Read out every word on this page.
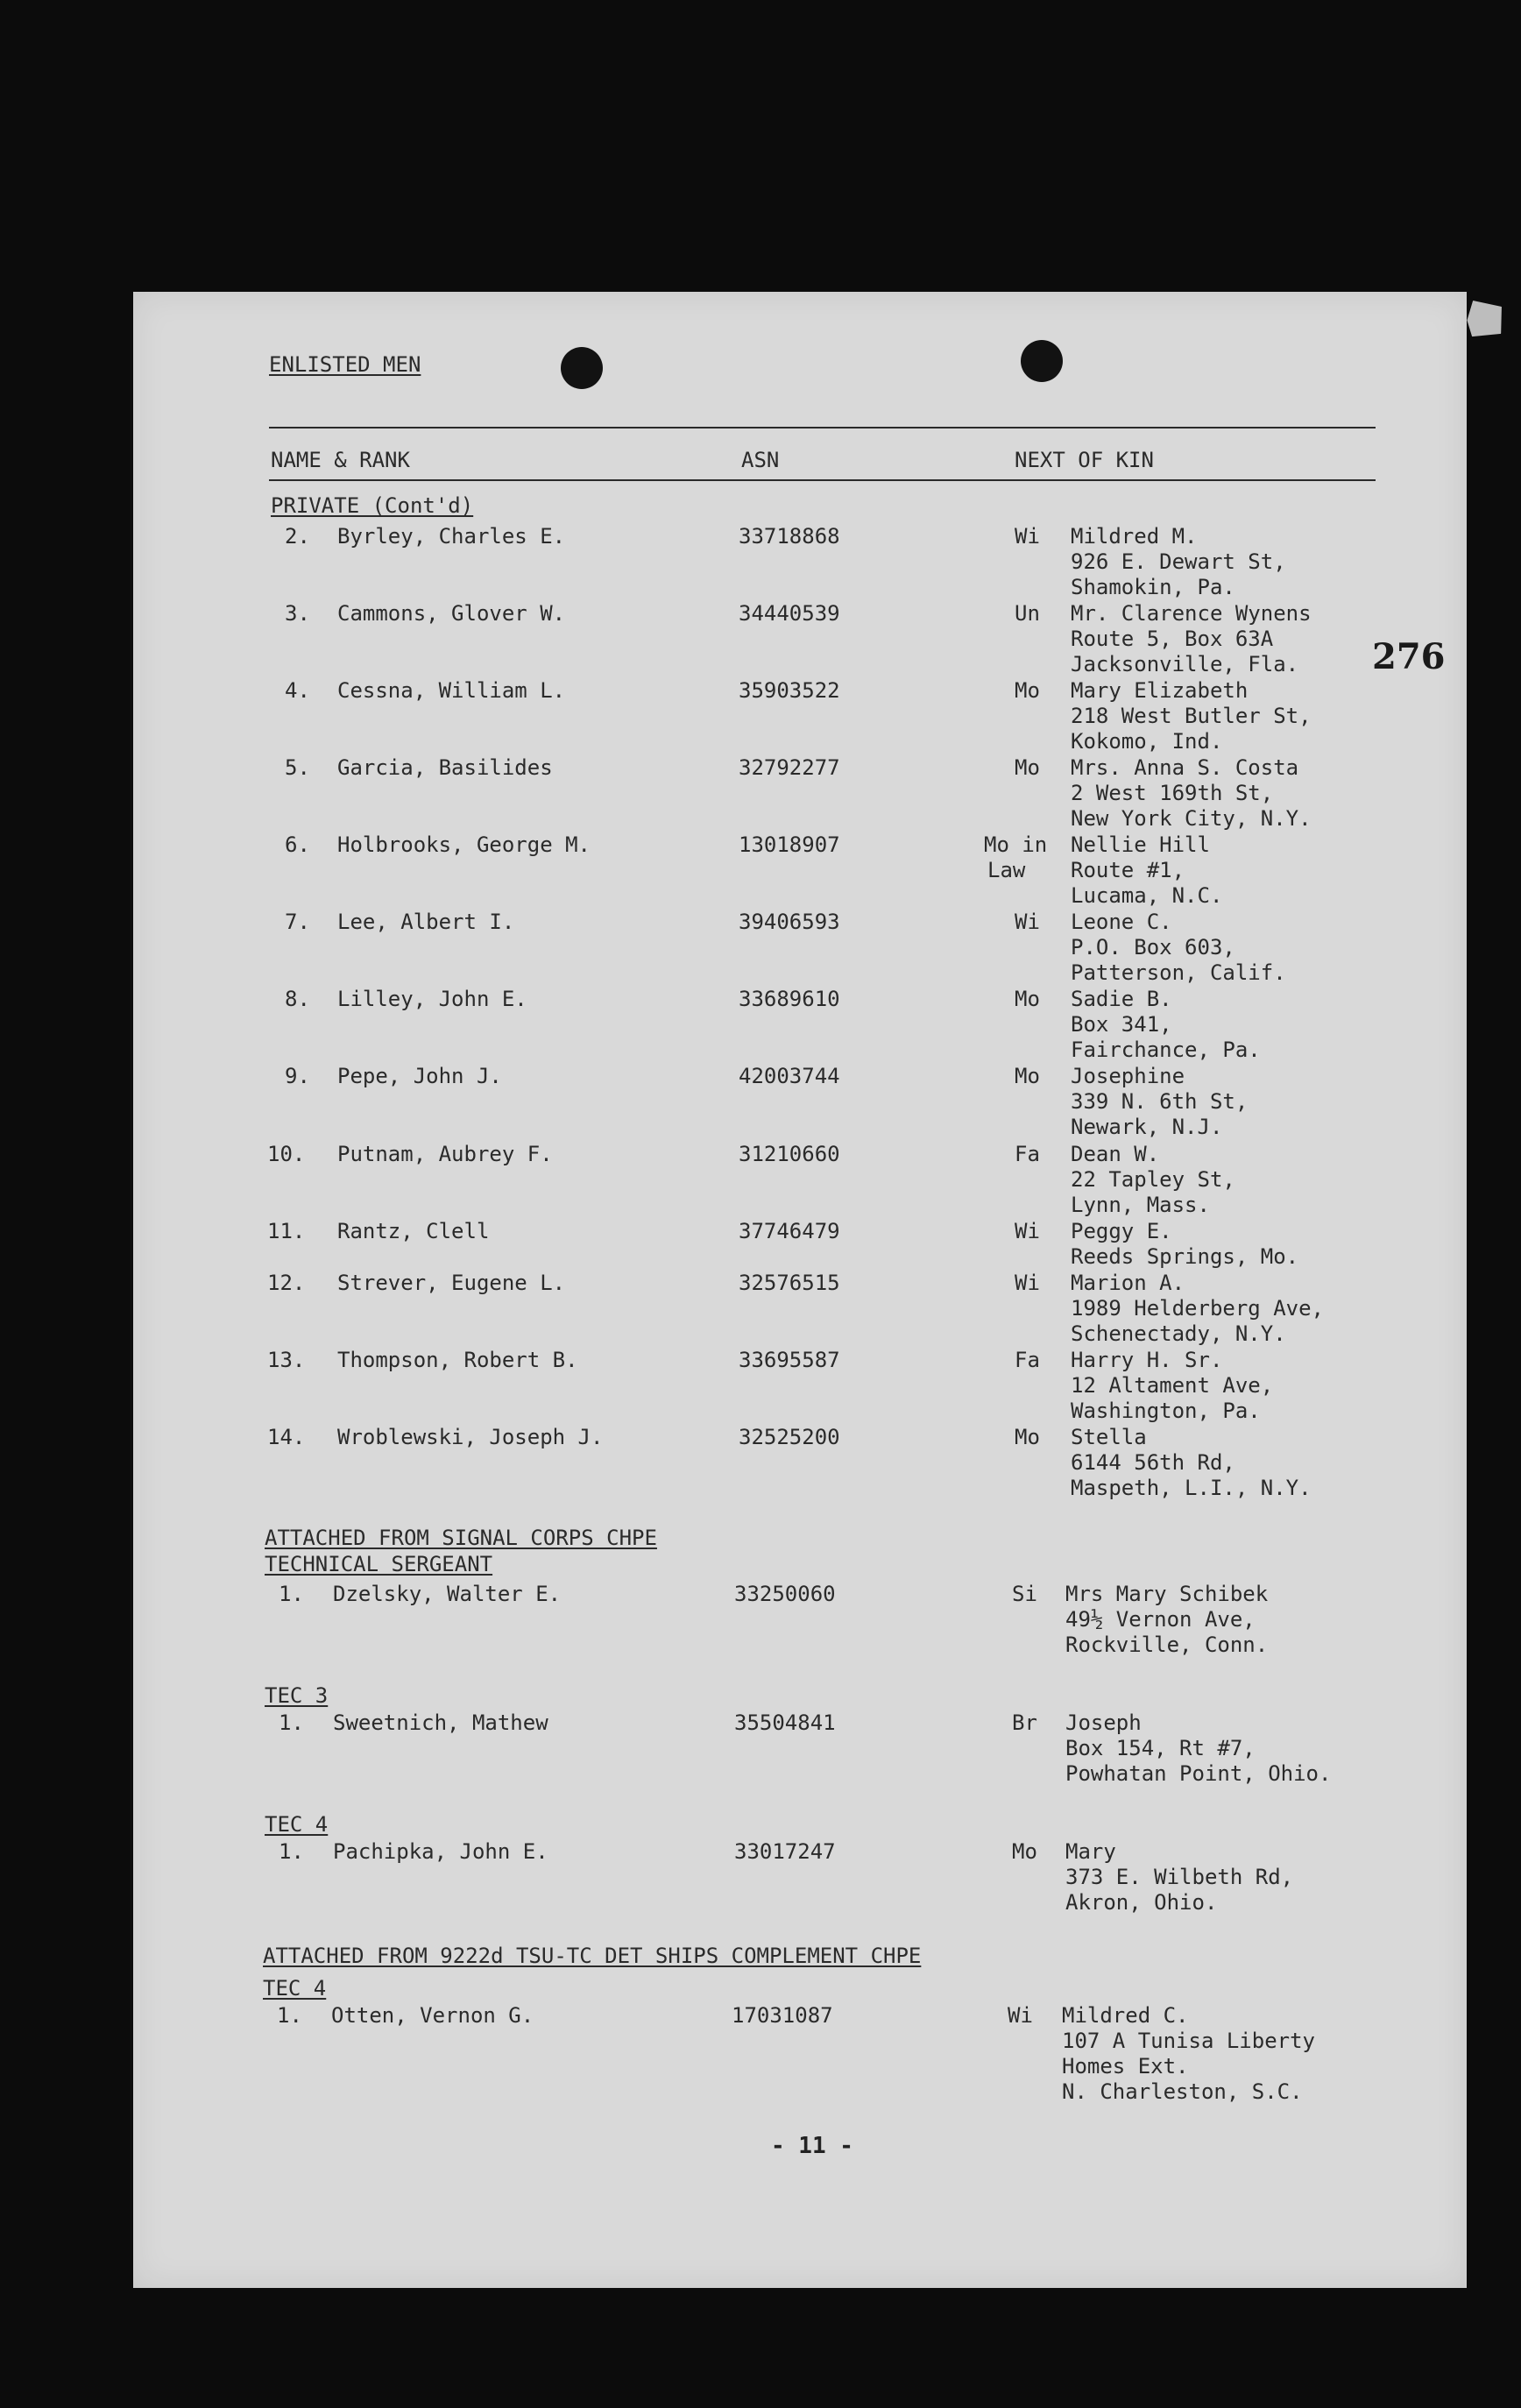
ENLISTED MEN
NAME & RANK	ASN	NEXT OF KIN
276
PRIVATE (Cont'd)
ATTACHED FROM SIGNAL CORPS CHPE
TECHNICAL SERGEANT
TEC 3
TEC 4
ATTACHED FROM 9222d TSU-TC DET SHIPS COMPLEMENT CHPE
TEC 4
2. Byrley, Charles E.	33718868	Wi Mildred M.
926 E. Dewart St,
Shamokin, Pa.
3. Cammons, Glover W.	34440539	Un Mr. Clarence Wynens
Route 5, Box 63A
Jacksonville, Fla.
4. Cessna, William L.	35903522	Mo Mary Elizabeth
218 West Butler St,
Kokomo, Ind.
5. Garcia, Basilides	32792277	Mo Mrs. Anna S. Costa
2 West 169th St,
New York City, N.Y.
6. Holbrooks, George M.	13018907	Mo in
Law
Nellie Hill
Route #1,
Lucama, N.C.
7. Lee, Albert I.	39406593	Wi Leone C.
P.O. Box 603,
Patterson, Calif.
8. Lilley, John E.	33689610	Mo Sadie B.
Box 341,
Fairchance, Pa.
9. Pepe, John J.	42003744	Mo Josephine
339 N. 6th St,
Newark, N.J.
10. Putnam, Aubrey F.	31210660	Fa Dean W.
22 Tapley St,
Lynn, Mass.
11. Rantz, Clell	37746479	Wi Peggy E.
Reeds Springs, Mo.
12. Strever, Eugene L.	32576515	Wi Marion A.
1989 Helderberg Ave,
Schenectady, N.Y.
13. Thompson, Robert B.	33695587	Fa Harry H. Sr.
12 Altament Ave,
Washington, Pa.
14. Wroblewski, Joseph J.	32525200	Mo Stella
6144 56th Rd,
Maspeth, L.I., N.Y.
1. Dzelsky, Walter E.	33250060	Si Mrs Mary Schibek
49½ Vernon Ave,
Rockville, Conn.
1. Sweetnich, Mathew	35504841	Br Joseph
Box 154, Rt #7,
Powhatan Point, Ohio.
1. Pachipka, John E.	33017247	Mo Mary
373 E. Wilbeth Rd,
Akron, Ohio.
1. Otten, Vernon G.	17031087	Wi Mildred C.
107 A Tunisa Liberty
Homes Ext.
N. Charleston, S.C.
- 11 -
